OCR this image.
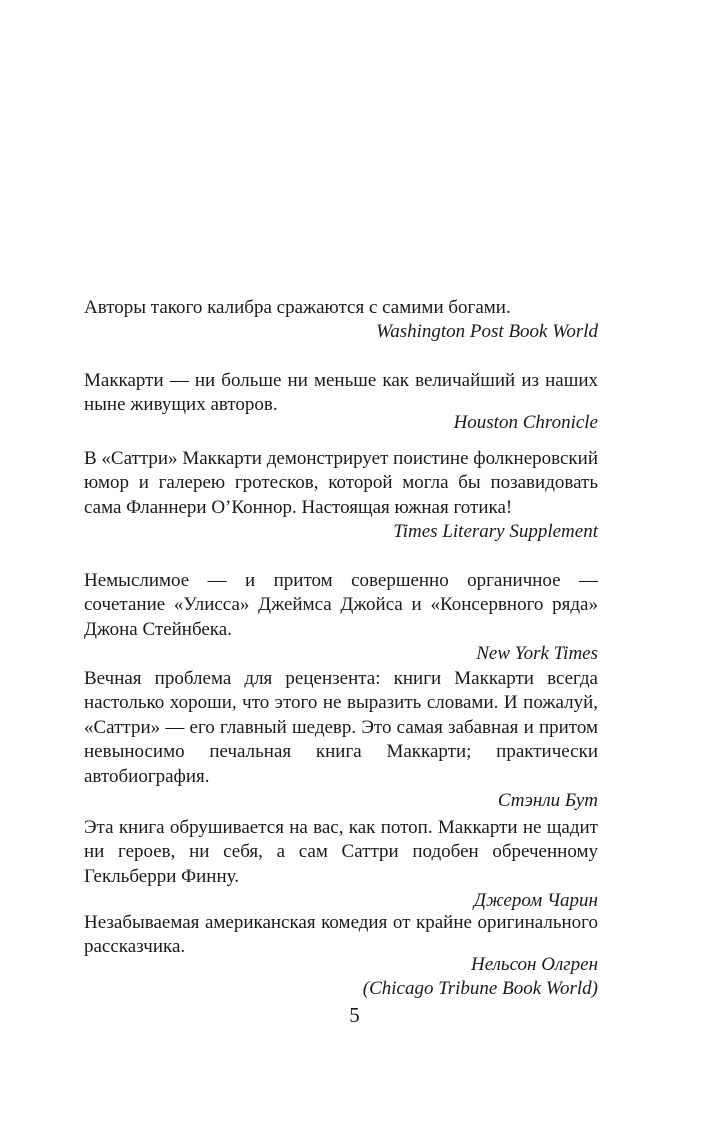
Авторы такого калибра сражаются с самими богами.

Washington Post Book World

Маккарти — ни больше ни меньше как величайший из наших ныне живущих авторов.

Houston Chronicle

В «Саттри» Маккарти демонстрирует поистине фолкнеровский юмор и галерею гротесков, которой могла бы позавидовать сама Фланнери О’Коннор. Настоящая южная готика!

Times Literary Supplement

Немыслимое — и притом совершенно органичное — сочетание «Улисса» Джеймса Джойса и «Консервного ряда» Джона Стейнбека.

New York Times

Вечная проблема для рецензента: книги Маккарти всегда настолько хороши, что этого не выразить словами. И пожалуй, «Саттри» — его главный шедевр. Это самая забавная и притом невыносимо печальная книга Маккарти; практически автобиография.

Стэнли Бут

Эта книга обрушивается на вас, как потоп. Маккарти не щадит ни героев, ни себя, а сам Саттри подобен обреченному Гекльберри Финну.

Джером Чарин

Незабываемая американская комедия от крайне оригинального рассказчика.

Нельсон Олгрен

(Chicago Tribune Book World)

5
